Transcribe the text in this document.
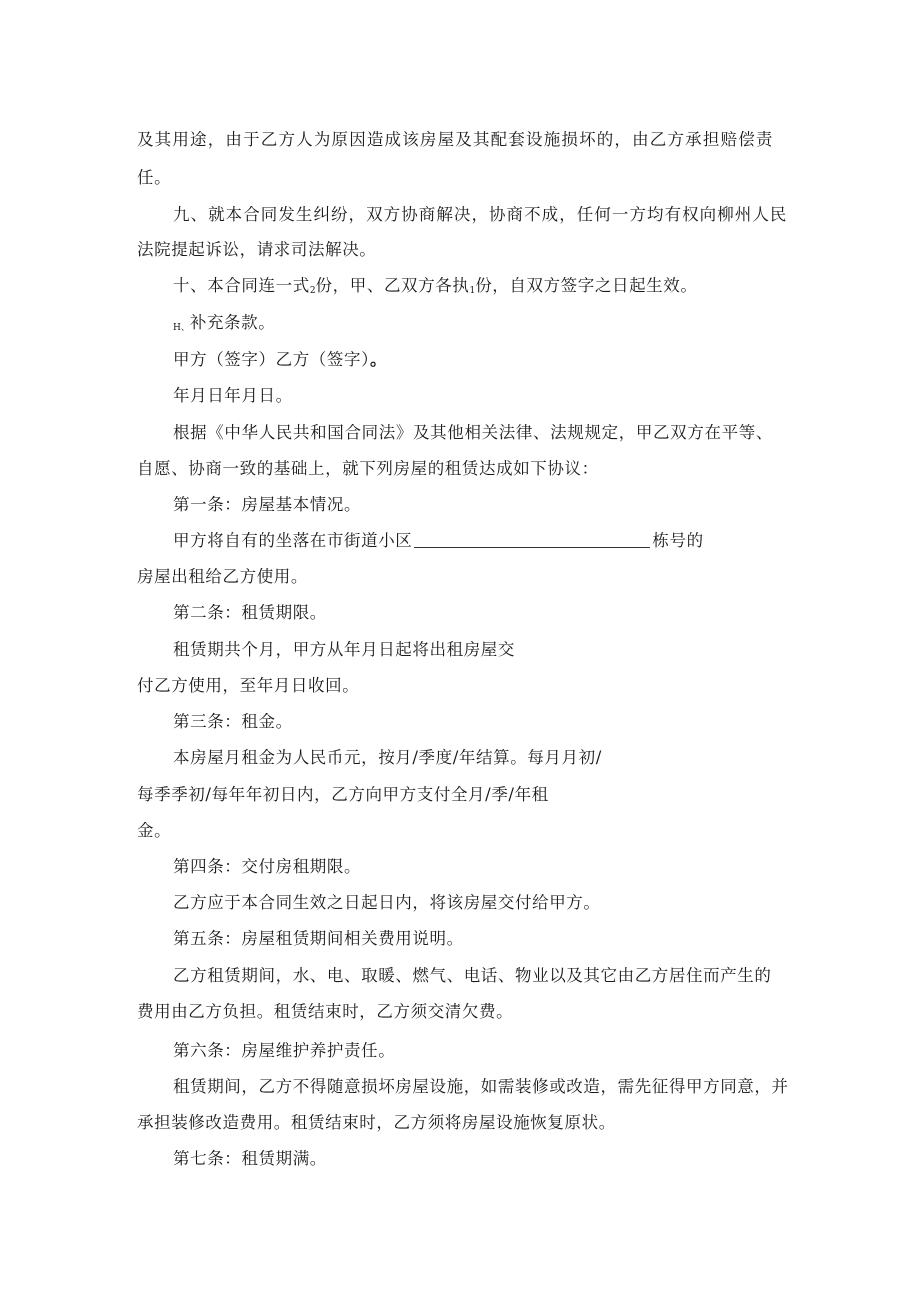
及其用途，由于乙方人为原因造成该房屋及其配套设施损坏的，由乙方承担赔偿责
任。
九、就本合同发生纠纷，双方协商解决，协商不成，任何一方均有权向柳州人民
法院提起诉讼，请求司法解决。
十、本合同连一式2份，甲、乙双方各执1份，自双方签字之日起生效。
H、补充条款。
甲方（签字）乙方（签字）。
年月日年月日。
根据《中华人民共和国合同法》及其他相关法律、法规规定，甲乙双方在平等、
自愿、协商一致的基础上，就下列房屋的租赁达成如下协议：
第一条：房屋基本情况。
甲方将自有的坐落在市街道小区	栋号的
房屋出租给乙方使用。
第二条：租赁期限。
租赁期共个月，甲方从年月日起将出租房屋交
付乙方使用，至年月日收回。
第三条：租金。
本房屋月租金为人民币元，按月/季度/年结算。每月月初/
每季季初/每年年初日内，乙方向甲方支付全月/季/年租
金。
第四条：交付房租期限。
乙方应于本合同生效之日起日内，将该房屋交付给甲方。
第五条：房屋租赁期间相关费用说明。
乙方租赁期间，水、电、取暖、燃气、电话、物业以及其它由乙方居住而产生的
费用由乙方负担。租赁结束时，乙方须交清欠费。
第六条：房屋维护养护责任。
租赁期间，乙方不得随意损坏房屋设施，如需装修或改造，需先征得甲方同意，并
承担装修改造费用。租赁结束时，乙方须将房屋设施恢复原状。
第七条：租赁期满。
